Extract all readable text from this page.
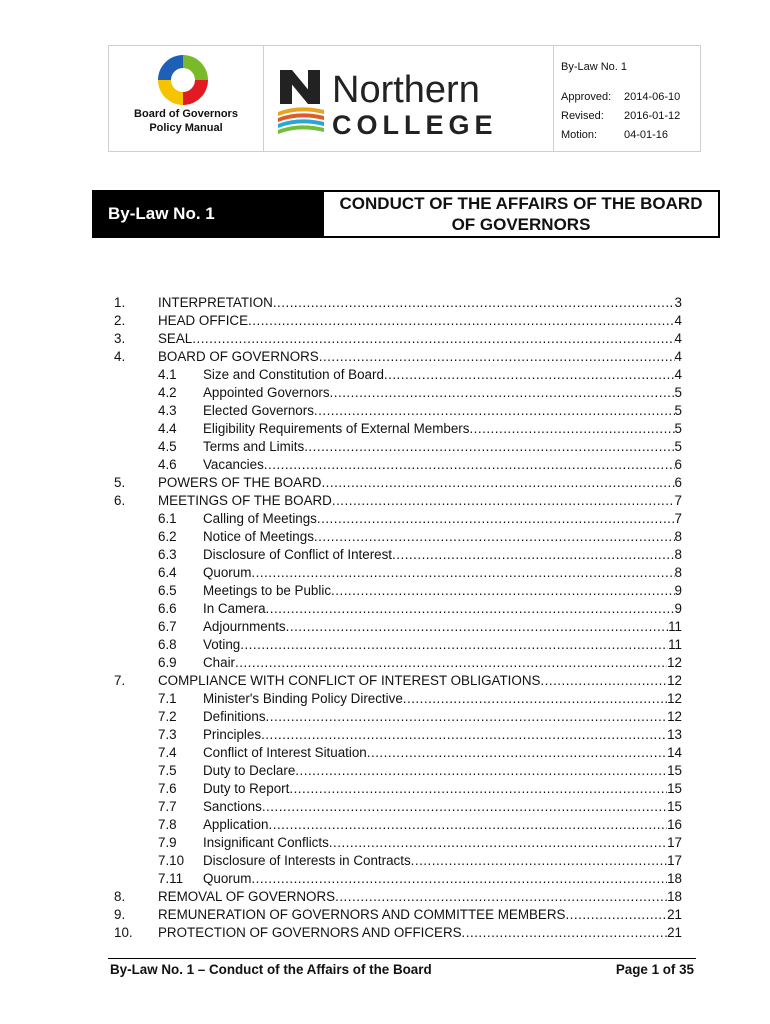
Board of Governors
Policy Manual
Northern
COLLEGE
By-Law No. 1
Approved:	2014-06-10
Revised:	2016-01-12
Motion:	04-01-16
By-Law No. 1
CONDUCT OF THE AFFAIRS OF THE BOARD OF GOVERNORS
1. INTERPRETATION .....	3
2. HEAD OFFICE .....	4
3. SEAL .....	4
4. BOARD OF GOVERNORS .....	4
4.1 Size and Constitution of Board .....	4
4.2 Appointed Governors .....	5
4.3 Elected Governors .....	5
4.4 Eligibility Requirements of External Members .....	5
4.5 Terms and Limits .....	5
4.6 Vacancies .....	6
5. POWERS OF THE BOARD .....	6
6. MEETINGS OF THE BOARD .....	7
6.1 Calling of Meetings .....	7
6.2 Notice of Meetings .....	8
6.3 Disclosure of Conflict of Interest .....	8
6.4 Quorum .....	8
6.5 Meetings to be Public .....	9
6.6 In Camera .....	9
6.7 Adjournments .....	11
6.8 Voting .....	11
6.9 Chair .....	12
7. COMPLIANCE WITH CONFLICT OF INTEREST OBLIGATIONS .....	12
7.1 Minister's Binding Policy Directive .....	12
7.2 Definitions .....	12
7.3 Principles .....	13
7.4 Conflict of Interest Situation .....	14
7.5 Duty to Declare .....	15
7.6 Duty to Report .....	15
7.7 Sanctions .....	15
7.8 Application .....	16
7.9 Insignificant Conflicts .....	17
7.10 Disclosure of Interests in Contracts .....	17
7.11 Quorum .....	18
8. REMOVAL OF GOVERNORS .....	18
9. REMUNERATION OF GOVERNORS AND COMMITTEE MEMBERS .....	21
10. PROTECTION OF GOVERNORS AND OFFICERS .....	21
By-Law No. 1 – Conduct of the Affairs of the Board	Page 1 of 35
